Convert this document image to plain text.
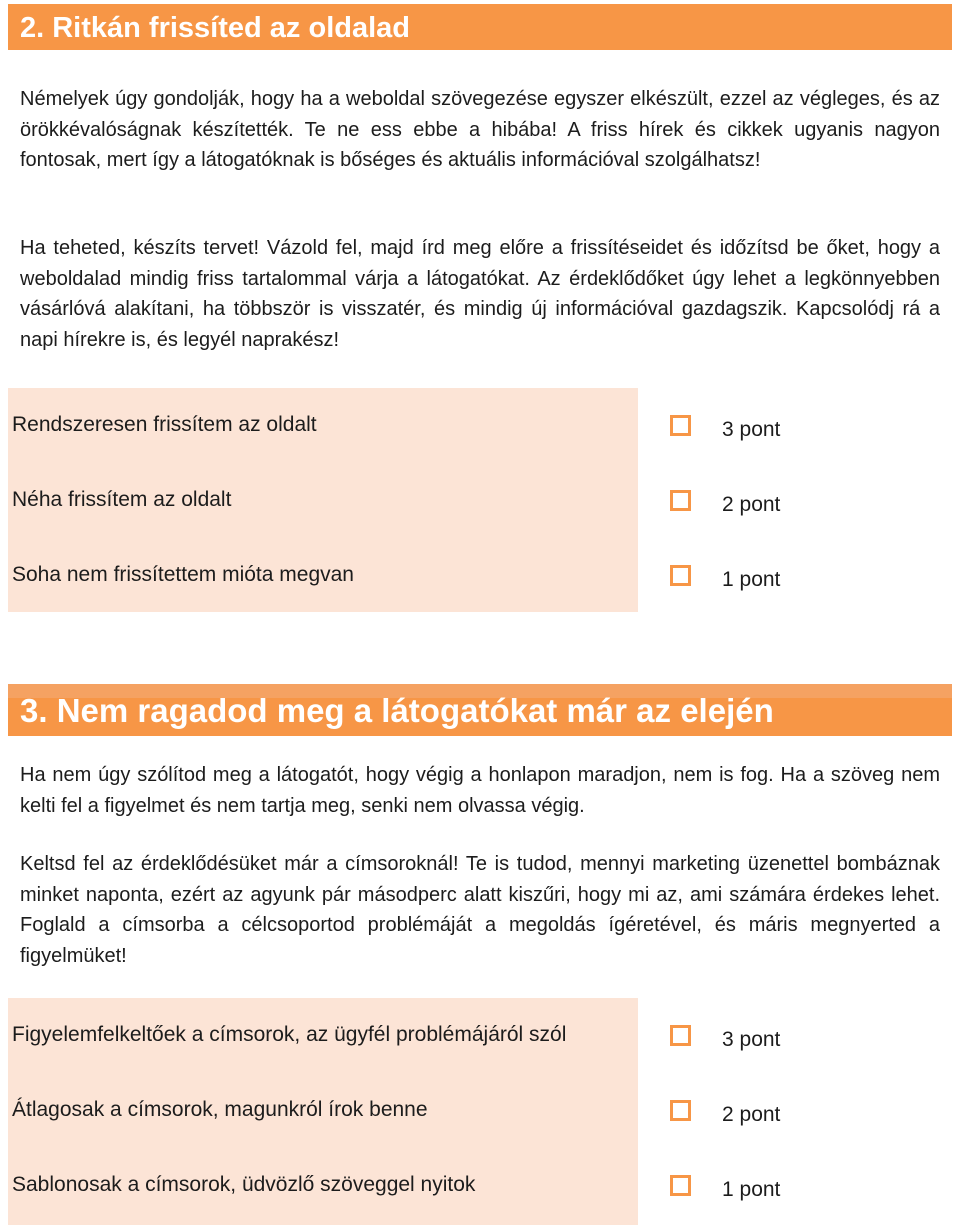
2. Ritkán frissíted az oldalad

Némelyek úgy gondolják, hogy ha a weboldal szövegezése egyszer elkészült, ezzel az végleges, és az örökkévalóságnak készítették. Te ne ess ebbe a hibába! A friss hírek és cikkek ugyanis nagyon fontosak, mert így a látogatóknak is bőséges és aktuális információval szolgálhatsz!

Ha teheted, készíts tervet! Vázold fel, majd írd meg előre a frissítéseidet és időzítsd be őket, hogy a weboldalad mindig friss tartalommal várja a látogatókat. Az érdeklődőket úgy lehet a legkönnyebben vásárlóvá alakítani, ha többször is visszatér, és mindig új információval gazdagszik. Kapcsolódj rá a napi hírekre is, és legyél naprakész!

Rendszeresen frissítem az oldalt	3 pont
Néha frissítem az oldalt	2 pont
Soha nem frissítettem mióta megvan	1 pont
3. Nem ragadod meg a látogatókat már az elején

Ha nem úgy szólítod meg a látogatót, hogy végig a honlapon maradjon, nem is fog. Ha a szöveg nem kelti fel a figyelmet és nem tartja meg, senki nem olvassa végig.

Keltsd fel az érdeklődésüket már a címsoroknál! Te is tudod, mennyi marketing üzenettel bombáznak minket naponta, ezért az agyunk pár másodperc alatt kiszűri, hogy mi az, ami számára érdekes lehet. Foglald a címsorba a célcsoportod problémáját a megoldás ígéretével, és máris megnyerted a figyelmüket!

Figyelemfelkeltőek a címsorok, az ügyfél problémájáról szól	3 pont
Átlagosak a címsorok, magunkról írok benne	2 pont
Sablonosak a címsorok, üdvözlő szöveggel nyitok	1 pont
